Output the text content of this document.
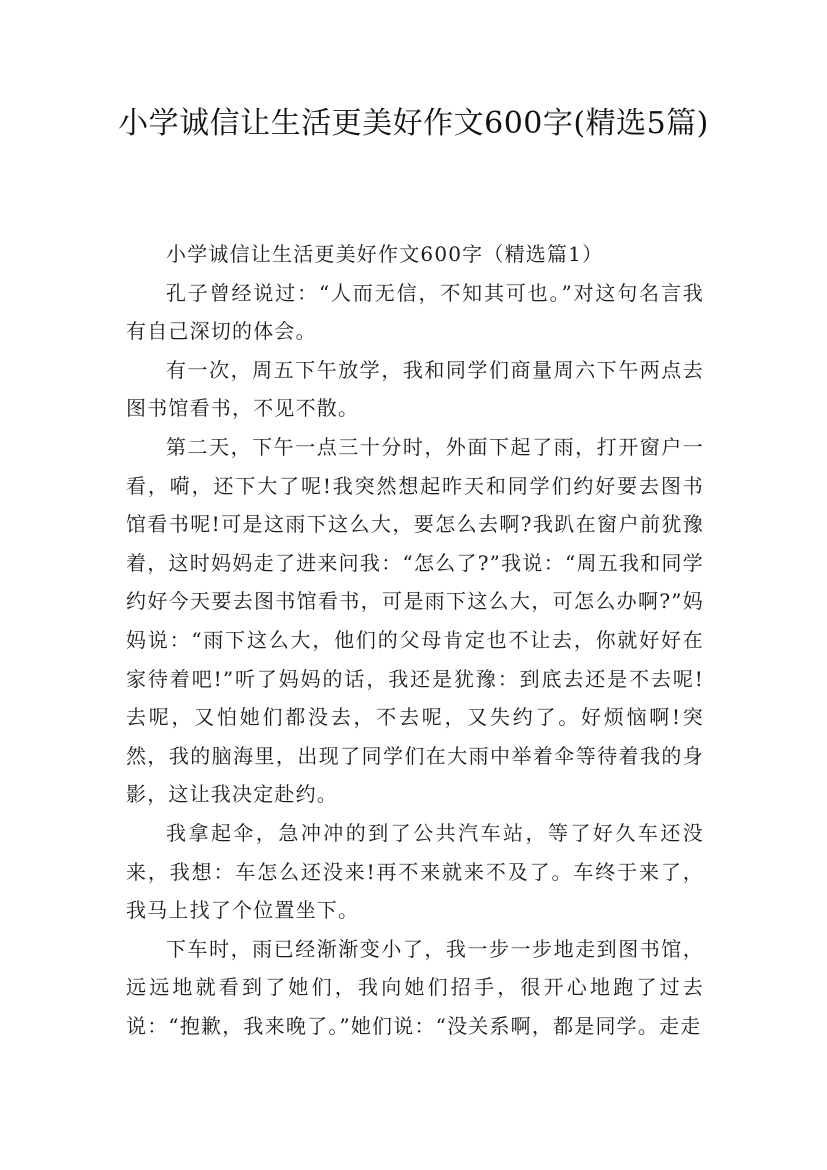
小学诚信让生活更美好作文600字(精选5篇)

小学诚信让生活更美好作文600字（精选篇1）

孔子曾经说过：“人而无信，不知其可也。”对这句名言我有自己深切的体会。

有一次，周五下午放学，我和同学们商量周六下午两点去图书馆看书，不见不散。

第二天，下午一点三十分时，外面下起了雨，打开窗户一看，嗬，还下大了呢!我突然想起昨天和同学们约好要去图书馆看书呢!可是这雨下这么大，要怎么去啊?我趴在窗户前犹豫着，这时妈妈走了进来问我：“怎么了?”我说：“周五我和同学约好今天要去图书馆看书，可是雨下这么大，可怎么办啊?”妈妈说：“雨下这么大，他们的父母肯定也不让去，你就好好在家待着吧!”听了妈妈的话，我还是犹豫：到底去还是不去呢!去呢，又怕她们都没去，不去呢，又失约了。好烦恼啊!突然，我的脑海里，出现了同学们在大雨中举着伞等待着我的身影，这让我决定赴约。

我拿起伞，急冲冲的到了公共汽车站，等了好久车还没来，我想：车怎么还没来!再不来就来不及了。车终于来了，我马上找了个位置坐下。

下车时，雨已经渐渐变小了，我一步一步地走到图书馆，远远地就看到了她们，我向她们招手，很开心地跑了过去说：“抱歉，我来晚了。”她们说：“没关系啊，都是同学。走走
